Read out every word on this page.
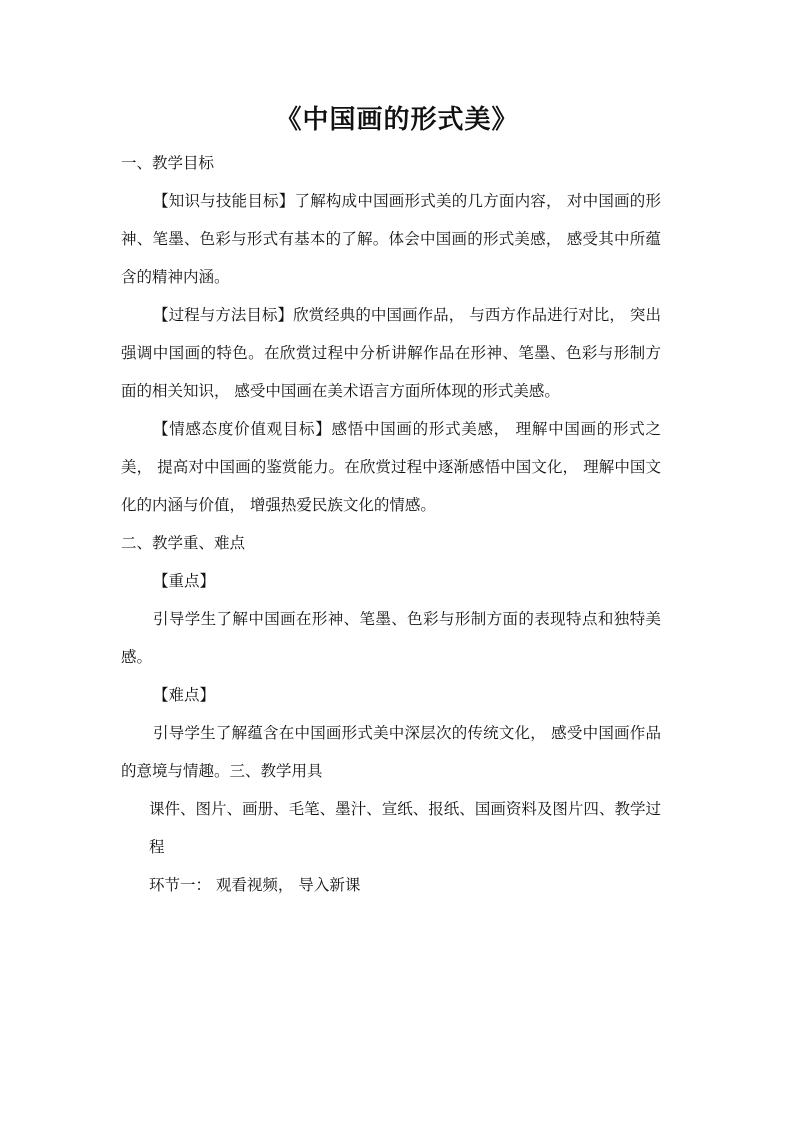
《中国画的形式美》

一、教学目标

【知识与技能目标】了解构成中国画形式美的几方面内容， 对中国画的形神、笔墨、色彩与形式有基本的了解。体会中国画的形式美感， 感受其中所蕴含的精神内涵。

【过程与方法目标】欣赏经典的中国画作品， 与西方作品进行对比， 突出强调中国画的特色。在欣赏过程中分析讲解作品在形神、笔墨、色彩与形制方面的相关知识， 感受中国画在美术语言方面所体现的形式美感。

【情感态度价值观目标】感悟中国画的形式美感， 理解中国画的形式之美， 提高对中国画的鉴赏能力。在欣赏过程中逐渐感悟中国文化， 理解中国文化的内涵与价值， 增强热爱民族文化的情感。

二、教学重、难点

【重点】

引导学生了解中国画在形神、笔墨、色彩与形制方面的表现特点和独特美感。

【难点】

引导学生了解蕴含在中国画形式美中深层次的传统文化， 感受中国画作品的意境与情趣。三、教学用具

课件、图片、画册、毛笔、墨汁、宣纸、报纸、国画资料及图片四、教学过程

环节一： 观看视频， 导入新课
